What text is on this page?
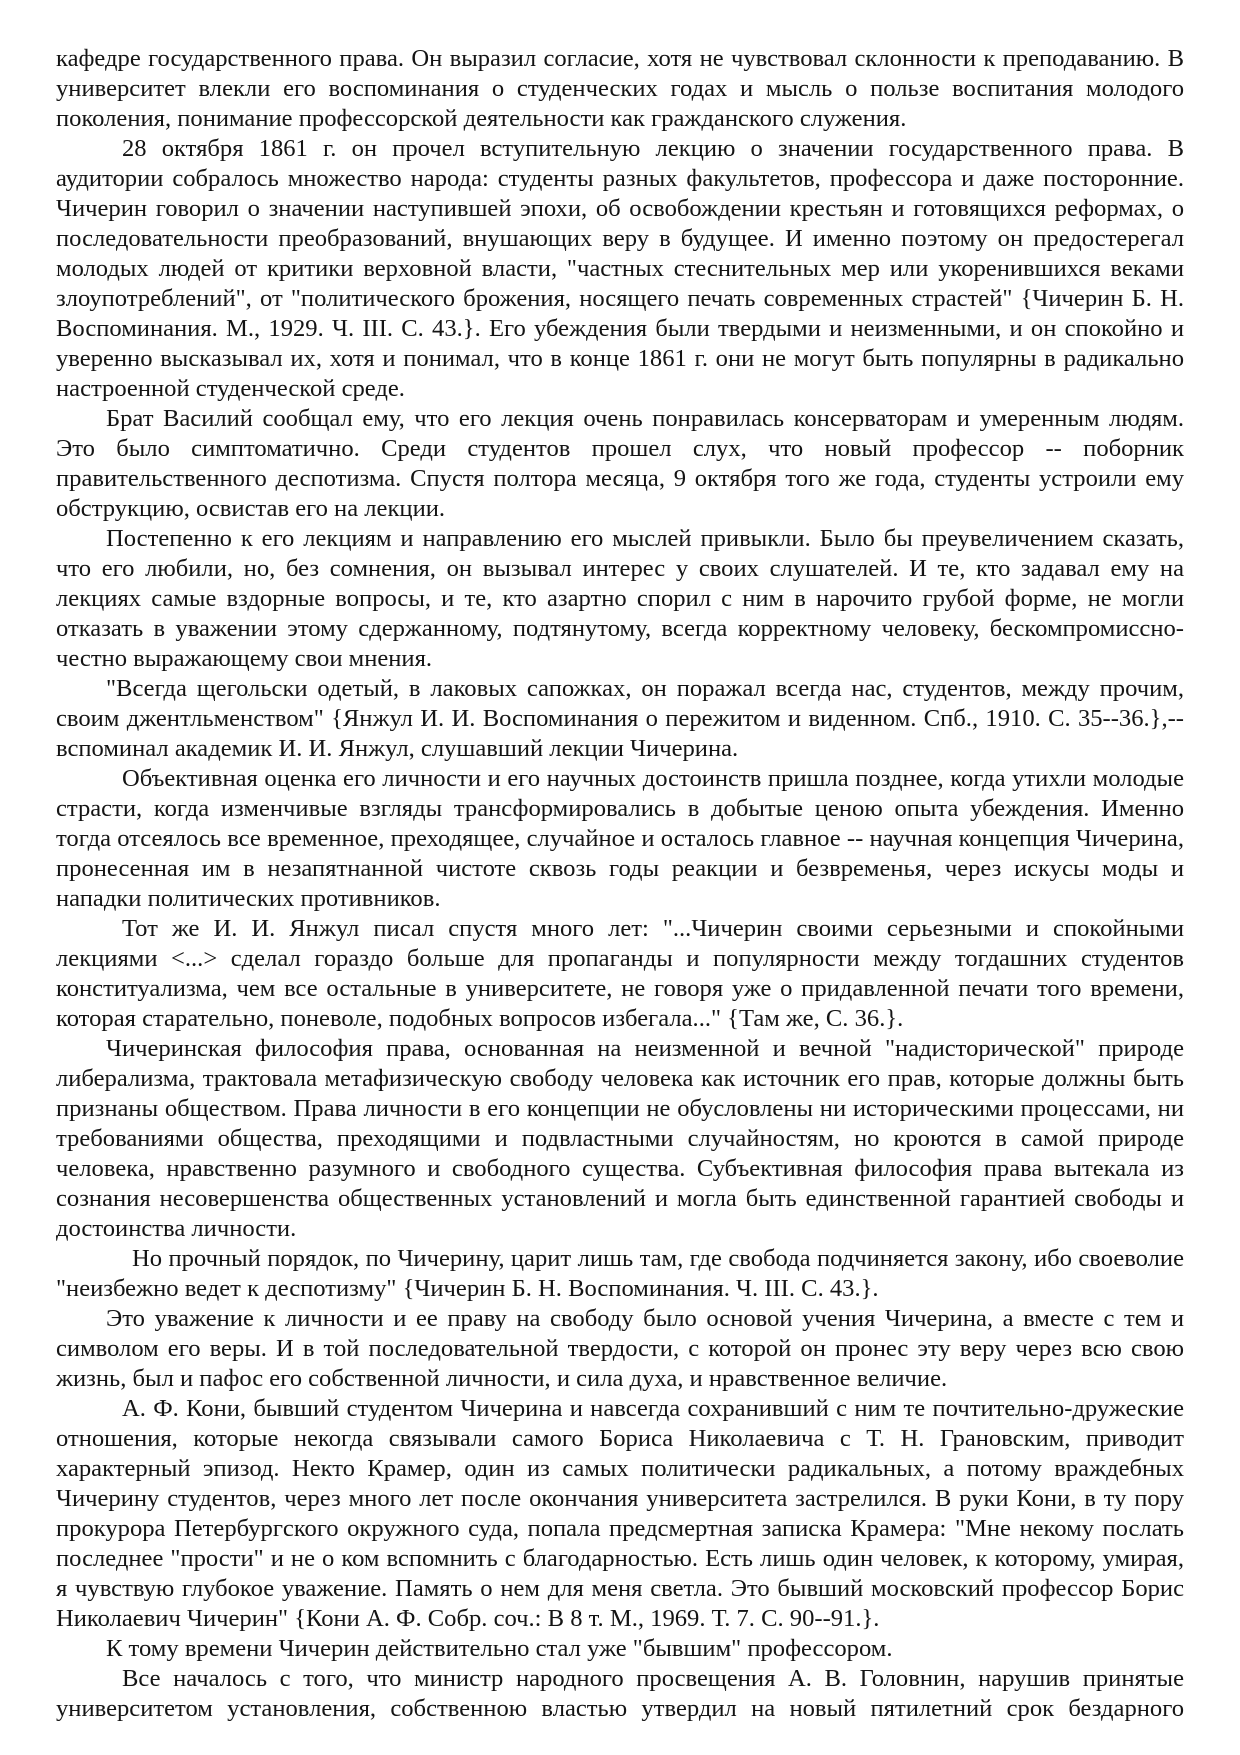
кафедре государственного права. Он выразил согласие, хотя не чувствовал склонности к преподаванию. В университет влекли его воспоминания о студенческих годах и мысль о пользе воспитания молодого поколения, понимание профессорской деятельности как гражданского служения.

28 октября 1861 г. он прочел вступительную лекцию о значении государственного права. В аудитории собралось множество народа: студенты разных факультетов, профессора и даже посторонние. Чичерин говорил о значении наступившей эпохи, об освобождении крестьян и готовящихся реформах, о последовательности преобразований, внушающих веру в будущее. И именно поэтому он предостерегал молодых людей от критики верховной власти, "частных стеснительных мер или укоренившихся веками злоупотреблений", от "политического брожения, носящего печать современных страстей" {Чичерин Б. Н. Воспоминания. М., 1929. Ч. III. С. 43.}. Его убеждения были твердыми и неизменными, и он спокойно и уверенно высказывал их, хотя и понимал, что в конце 1861 г. они не могут быть популярны в радикально настроенной студенческой среде.

Брат Василий сообщал ему, что его лекция очень понравилась консерваторам и умеренным людям. Это было симптоматично. Среди студентов прошел слух, что новый профессор -- поборник правительственного деспотизма. Спустя полтора месяца, 9 октября того же года, студенты устроили ему обструкцию, освистав его на лекции.

Постепенно к его лекциям и направлению его мыслей привыкли. Было бы преувеличением сказать, что его любили, но, без сомнения, он вызывал интерес у своих слушателей. И те, кто задавал ему на лекциях самые вздорные вопросы, и те, кто азартно спорил с ним в нарочито грубой форме, не могли отказать в уважении этому сдержанному, подтянутому, всегда корректному человеку, бескомпромиссно-честно выражающему свои мнения.

"Всегда щегольски одетый, в лаковых сапожках, он поражал всегда нас, студентов, между прочим, своим джентльменством" {Янжул И. И. Воспоминания о пережитом и виденном. Спб., 1910. С. 35--36.},-- вспоминал академик И. И. Янжул, слушавший лекции Чичерина.

Объективная оценка его личности и его научных достоинств пришла позднее, когда утихли молодые страсти, когда изменчивые взгляды трансформировались в добытые ценою опыта убеждения. Именно тогда отсеялось все временное, преходящее, случайное и осталось главное -- научная концепция Чичерина, пронесенная им в незапятнанной чистоте сквозь годы реакции и безвременья, через искусы моды и нападки политических противников.

Тот же И. И. Янжул писал спустя много лет: "...Чичерин своими серьезными и спокойными лекциями <...> сделал гораздо больше для пропаганды и популярности между тогдашних студентов конституализма, чем все остальные в университете, не говоря уже о придавленной печати того времени, которая старательно, поневоле, подобных вопросов избегала..." {Там же, С. 36.}.

Чичеринская философия права, основанная на неизменной и вечной "надисторической" природе либерализма, трактовала метафизическую свободу человека как источник его прав, которые должны быть признаны обществом. Права личности в его концепции не обусловлены ни историческими процессами, ни требованиями общества, преходящими и подвластными случайностям, но кроются в самой природе человека, нравственно разумного и свободного существа. Субъективная философия права вытекала из сознания несовершенства общественных установлений и могла быть единственной гарантией свободы и достоинства личности.

Но прочный порядок, по Чичерину, царит лишь там, где свобода подчиняется закону, ибо своеволие "неизбежно ведет к деспотизму" {Чичерин Б. Н. Воспоминания. Ч. III. С. 43.}.

Это уважение к личности и ее праву на свободу было основой учения Чичерина, а вместе с тем и символом его веры. И в той последовательной твердости, с которой он пронес эту веру через всю свою жизнь, был и пафос его собственной личности, и сила духа, и нравственное величие.

А. Ф. Кони, бывший студентом Чичерина и навсегда сохранивший с ним те почтительно-дружеские отношения, которые некогда связывали самого Бориса Николаевича с Т. Н. Грановским, приводит характерный эпизод. Некто Крамер, один из самых политически радикальных, а потому враждебных Чичерину студентов, через много лет после окончания университета застрелился. В руки Кони, в ту пору прокурора Петербургского окружного суда, попала предсмертная записка Крамера: "Мне некому послать последнее "прости" и не о ком вспомнить с благодарностью. Есть лишь один человек, к которому, умирая, я чувствую глубокое уважение. Память о нем для меня светла. Это бывший московский профессор Борис Николаевич Чичерин" {Кони А. Ф. Собр. соч.: В 8 т. М., 1969. Т. 7. С. 90--91.}.

К тому времени Чичерин действительно стал уже "бывшим" профессором.

Все началось с того, что министр народного просвещения А. В. Головнин, нарушив принятые университетом установления, собственною властью утвердил на новый пятилетний срок бездарного
